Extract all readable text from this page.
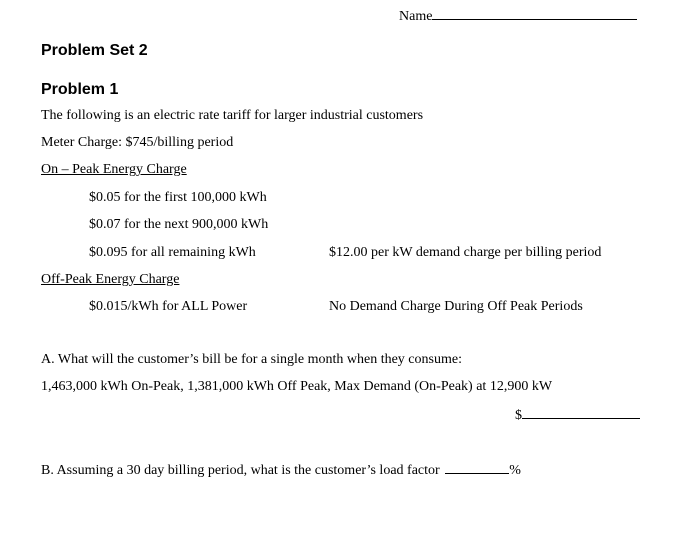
Name
Problem Set 2
Problem 1
The following is an electric rate tariff for larger industrial customers
Meter Charge: $745/billing period
On – Peak Energy Charge
$0.05 for the first 100,000 kWh
$0.07 for the next 900,000 kWh
$0.095 for all remaining kWh	$12.00 per kW demand charge per billing period
Off-Peak Energy Charge
$0.015/kWh for ALL Power	No Demand Charge During Off Peak Periods
A. What will the customer’s bill be for a single month when they consume:
1,463,000 kWh On-Peak, 1,381,000 kWh Off Peak, Max Demand (On-Peak) at 12,900 kW
$
B. Assuming a 30 day billing period, what is the customer’s load factor	%
